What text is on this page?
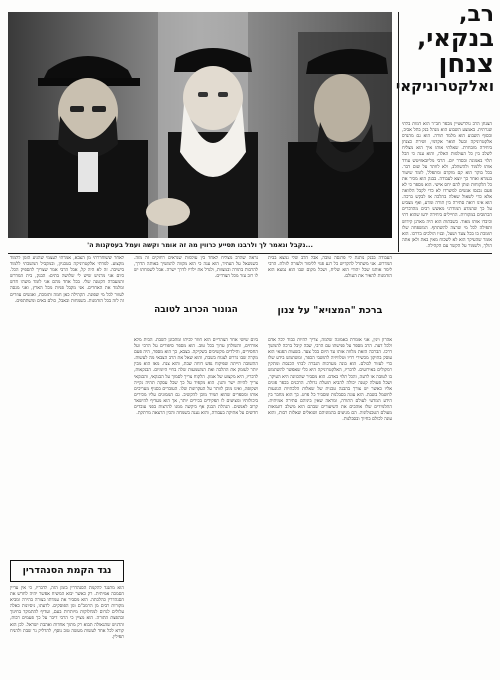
רב,
בנקאי,
צנחן
ואלקטרוניקאי
...נקבל ונאמר לך ולרבנו תסייע כרווין מה זה אומר וקשה ועמל בעסקנות ה'

הצנחן הרב גולדשטיין מכפר חב"ד הוא דמות בלתי שגרתית. באמצע השבוע הוא מנהל בנק בתל אביב, ובסוף השבוע הוא מלמד תורה. הוא גם מהנדס אלקטרוניקה ובעל תואר אקדמי, ושירת כצנחן ביחידה מובחרת. שאלתי אותו איך הוא מצליח לשלב בין כל העולמות האלה, והוא ענה כי הכל תלוי באמונה ובסדר יום. הרבי מליובאוויטש עודד אותו ללמוד ולהשתלב, ולא לוותר על שום דבר. בכל בוקר הוא קם מוקדם ומתפלל, לומד שיעור בגמרא ואחר כך יוצא לעבודה. בבנק הוא מכיר את כל הלקוחות ונותן להם יחס אישי. הוא מספר כי לא פעם נכנסו אנשים למשרדו לא כדי לקבל הלוואה אלא כדי לשאול שאלה בהלכה או לבקש ברכה. הוא אינו רואה סתירה בין תורה ומדע, ואף מצביע על כך שהמדע המודרני מאשש רבים מהדברים הכתובים במקורות. החיילים ביחידה ידעו שהוא דתי וכיבדו אותו מאוד. בשבתות הוא היה מארגן קידוש ותפילה לכל מי שרצה להשתתף. המשפחה שלו תומכת בו בכל צעד ושעל, ובניו הולכים בדרכו. הוא אומר שהעיקר הוא לא לשכוח מאין באת ולאן אתה הולך, ולשמור על הקשר עם הקהילה.

העבודה בבנק נותנת לי פרנסה טובה, אבל הלב שלי נמצא בבית המדרש. אני משתדל להקדיש כל רגע פנוי ללימוד ולעזרה לזולת. הרבי לימד אותנו שכל יהודי הוא שליח, ושכל מקום שבו הוא נמצא הוא הזדמנות להאיר את העולם.

נראה שהרב מצליח לאחד בין עולמות שנראים רחוקים זה מזה. כשנשאל על העתיד, הוא ענה כי הוא מקווה להמשיך באותה הדרך, להרבות בתורה ובמצוות, ולגדל את ילדיו לדרך ישרה. אבל לשמחתו יש לו רוב עזר מכל הצדדים.

ברכת "המצויא" על צנון

אהרון ויגין, אני אומרת באמונה שלמה, צריך להיות כבוד לכל אדם ולכל דעה. הרב מספר על פגישתו עם הרבי, שבה קיבל ברכה להמשך דרכו. הברכה הזאת מלווה אותו עד היום בכל צעד. בשעות הפנאי הוא עוסק בתיקון מכשירי רדיו וטלוויזיה לתושבי הכפר, ומשתמש בידע שלו כדי לעזור לכולם. הוא בונה מערכות הגברה לבתי הכנסת ומתקין רמקולים באירועים. לדבריו, האלקטרוניקה היא כלי שאפשר להשתמש בו לטובה או לרעה, והכל תלוי באדם. הוא מסביר שהכוונה היא העיקר, ושכל פעולה קטנה יכולה להביא תועלת גדולה. הרבנים בכפר פונים אליו כאשר יש צורך בהבנה טכנית של שאלות הלכתיות הנוגעות לחשמל בשבת. הוא עונה בסבלנות ומסביר כל פרט. כך הוא מחבר בין הידע המדעי לעולם התורה, ומראה שאין ביניהם סתירה אמיתית. התלמידים שלו אוהבים את השיעורים שבהם הוא משלב דוגמאות מעולם הטכנולוגיה. הם מגיעים בהמוניהם ושואלים שאלות רבות, והוא עונה לכולם בחיוך ובסבלנות.

הגונור הכרוב לטובה

ביום שישי אחר הצהריים הוא חוזר לביתו ומתכונן לשבת. הבית מלא אורחים, והשולחן ערוך בכל טוב. הוא מספר סיפורים על הרבי ועל החסידים, והילדים מקשיבים בשקיקה. בצבא, כך הוא מספר, היה פעם מקרה שבו נדרש לצנוח בשבת, והוא שאל את הרב הצבאי מה לעשות. התשובה הייתה שפיקוח נפש דוחה שבת, והוא צנח. מאז הוא מבין יותר לעומק את ההלכה ואת המשמעות שלה בחיי היומיום. הבנקאות, לדבריו, היא מקצוע של אמון. הלקוח צריך לסמוך על הבנקאי, והבנקאי צריך להיות ישר והגון. הוא מקפיד על כך שכל עסקה תהיה נקייה ושקופה, ואינו מוכן לוותר על העקרונות שלו. העובדים בסניף מעריכים אותו ומספרים שהוא תמיד מוכן להקשיב. גם הממונים עליו מכירים ביכולותיו ומציעים לו תפקידים בכירים יותר, אך הוא מעדיף להישאר קרוב לאנשים. הנהלת הבנק אף ביקשה ממנו להרצות בפני עובדים חדשים על אתיקה בעבודה, והוא נענה בשמחה והכין הרצאה מרתקת.

לאחר ששוחררתי מן הצבא, אמרתי לעצמי שהגיע הזמן ללמוד מקצוע. למדתי אלקטרוניקה בטכניון, ובמקביל המשכתי ללמוד בישיבה. זה לא היה קל, אבל הרבי אמר שצריך להספיק הכל. כיום אני מרגיש שיש לי שלושה בתים: הבנק, בית המדרש והמעבדה הקטנה שלי. בכל אחד מהם אני לומד משהו חדש ומלמד את האחרים. אני מקבל פניות מכל הארץ, ואני מנסה לעזור לכל מי שפונה. הקהילה כאן חמה ותומכת, ואנשים עוזרים זה לזה בכל הזדמנות. בשמחות ובאבל, כולם באים ומשתתפים.

נגד הקמת הסנהדרין

הוא מתנגד להקמת הסנהדרין בזמן הזה, לדבריו, כי אין עדיין הסמכה אמיתית. רק כאשר יבוא המשיח אפשר יהיה לחדש את הסנהדרין כהלכתה. הוא מסביר את עמדתו בצורה בהירה ומביא מקורות רבים מן הרמב"ם ומן הפוסקים. לדעתו, ניסיונות כאלה עלולים לגרום למחלוקות מיותרות בעם, ועדיף להתמקד בחינוך ובהפצת התורה. הוא מציין כי הרבי דיבר על כך פעמים רבות, והדגיש שהגאולה תבוא רק מתוך אחדות ואהבת ישראל. לכן הוא קורא לכל אחד לעשות מעשה טוב נוסף, להדליק נר שבת ולהניח תפילין.
